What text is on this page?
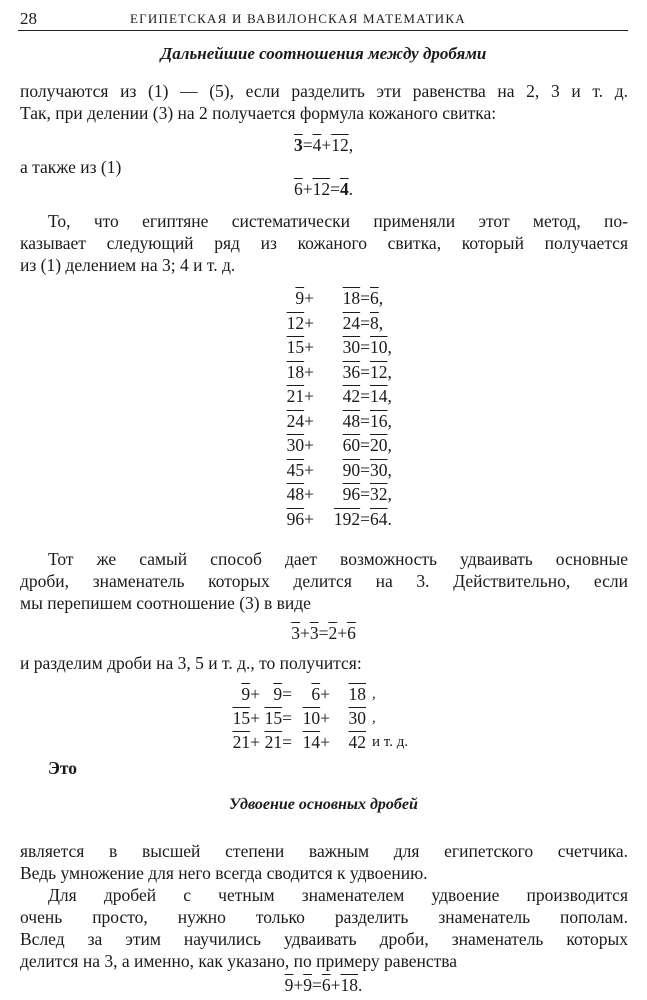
28	ЕГИПЕТСКАЯ И ВАВИЛОНСКАЯ МАТЕМАТИКА
Дальнейшие соотношения между дробями
получаются из (1) — (5), если разделить эти равенства на 2, 3 и т. д.
Так, при делении (3) на 2 получается формула кожаного свитка:
3=4+12,
а также из (1)
6+12=4.
То, что египтяне систематически применяли этот метод, по-
казывает следующий ряд из кожаного свитка, который получается
из (1) делением на 3; 4 и т. д.
9+	18= 6,
12+	24= 8,
15+	30= 10,
18+	36= 12,
21+	42= 14,
24+	48= 16,
30+	60= 20,
45+	90= 30,
48+	96= 32,
96+	192= 64.
Тот же самый способ дает возможность удваивать основные
дроби, знаменатель которых делится на 3. Действительно, если
мы перепишем соотношение (3) в виде
3+3=2+6
и разделим дроби на 3, 5 и т. д., то получится:
9+ 9=	6+	18 ,
15+ 15= 10+	30 ,
21+ 21= 14+	42 и т. д.
Это
Удвоение основных дробей
является в высшей степени важным для египетского счетчика.
Ведь умножение для него всегда сводится к удвоению.
Для дробей с четным знаменателем удвоение производится
очень просто, нужно только разделить знаменатель пополам.
Вслед за этим научились удваивать дроби, знаменатель которых
делится на 3, а именно, как указано, по примеру равенства
9+9=6+18.
